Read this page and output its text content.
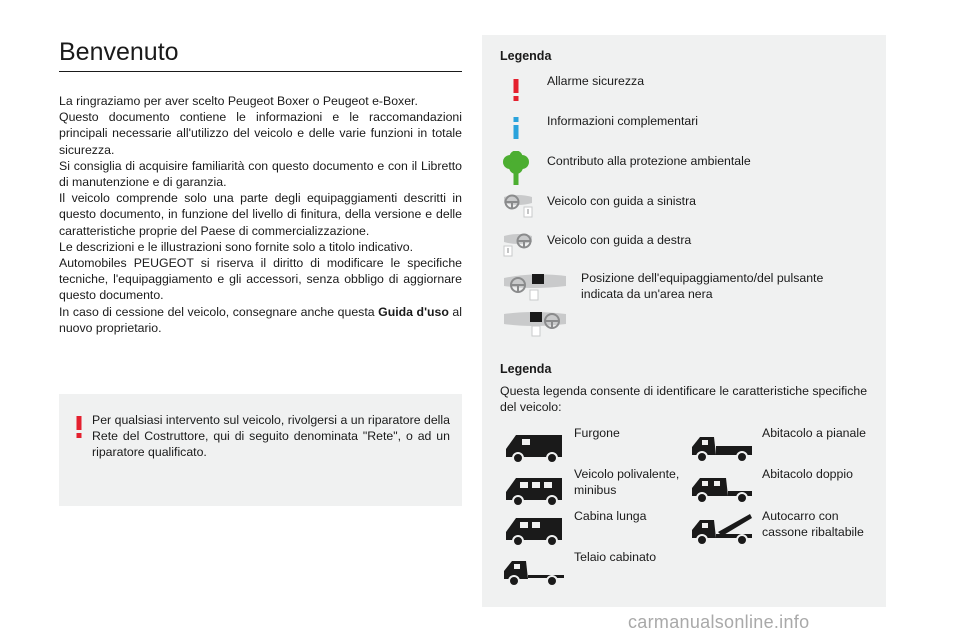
Benvenuto

La ringraziamo per aver scelto Peugeot Boxer o Peugeot e-Boxer.

Questo documento contiene le informazioni e le raccomandazioni principali necessarie all'utilizzo del veicolo e delle varie funzioni in totale sicurezza.

Si consiglia di acquisire familiarità con questo documento e con il Libretto di manutenzione e di garanzia.

Il veicolo comprende solo una parte degli equipaggiamenti descritti in questo documento, in funzione del livello di finitura, della versione e delle caratteristiche proprie del Paese di commercializzazione.

Le descrizioni e le illustrazioni sono fornite solo a titolo indicativo.

Automobiles PEUGEOT si riserva il diritto di modificare le specifiche tecniche, l'equipaggiamento e gli accessori, senza obbligo di aggiornare questo documento.

In caso di cessione del veicolo, consegnare anche questa Guida d'uso al nuovo proprietario.

Per qualsiasi intervento sul veicolo, rivolgersi a un riparatore della Rete del Costruttore, qui di seguito denominata "Rete", o ad un riparatore qualificato.

Legenda
Allarme sicurezza
Informazioni complementari
Contributo alla protezione ambientale
Veicolo con guida a sinistra
Veicolo con guida a destra
Posizione dell'equipaggiamento/del pulsante
indicata da un'area nera
Legenda

Questa legenda consente di identificare le caratteristiche specifiche del veicolo:

Furgone	Abitacolo a pianale
Veicolo polivalente,
minibus
Abitacolo doppio
Cabina lunga	Autocarro con
cassone ribaltabile
Telaio cabinato
carmanualsonline.info
